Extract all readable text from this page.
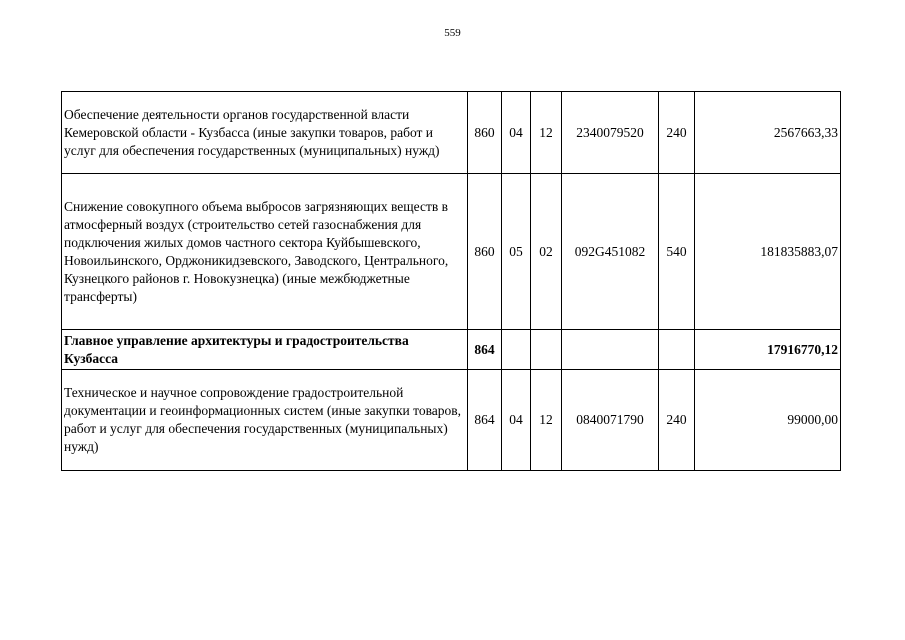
559
Обеспечение деятельности органов государственной власти Кемеровской области - Кузбасса (иные закупки товаров, работ и услуг для обеспечения государственных (муниципальных) нужд)	860	04	12	2340079520	240	2567663,33
Снижение совокупного объема выбросов загрязняющих веществ в атмосферный воздух (строительство сетей газоснабжения для подключения жилых домов частного сектора Куйбышевского, Новоильинского, Орджоникидзевского, Заводского, Центрального, Кузнецкого районов г. Новокузнецка) (иные межбюджетные трансферты)	860	05	02	092G451082	540	181835883,07
Главное управление архитектуры и градостроительства Кузбасса	864					17916770,12
Техническое и научное сопровождение градостроительной документации и геоинформационных систем (иные закупки товаров, работ и услуг для обеспечения государственных (муниципальных) нужд)	864	04	12	0840071790	240	99000,00
